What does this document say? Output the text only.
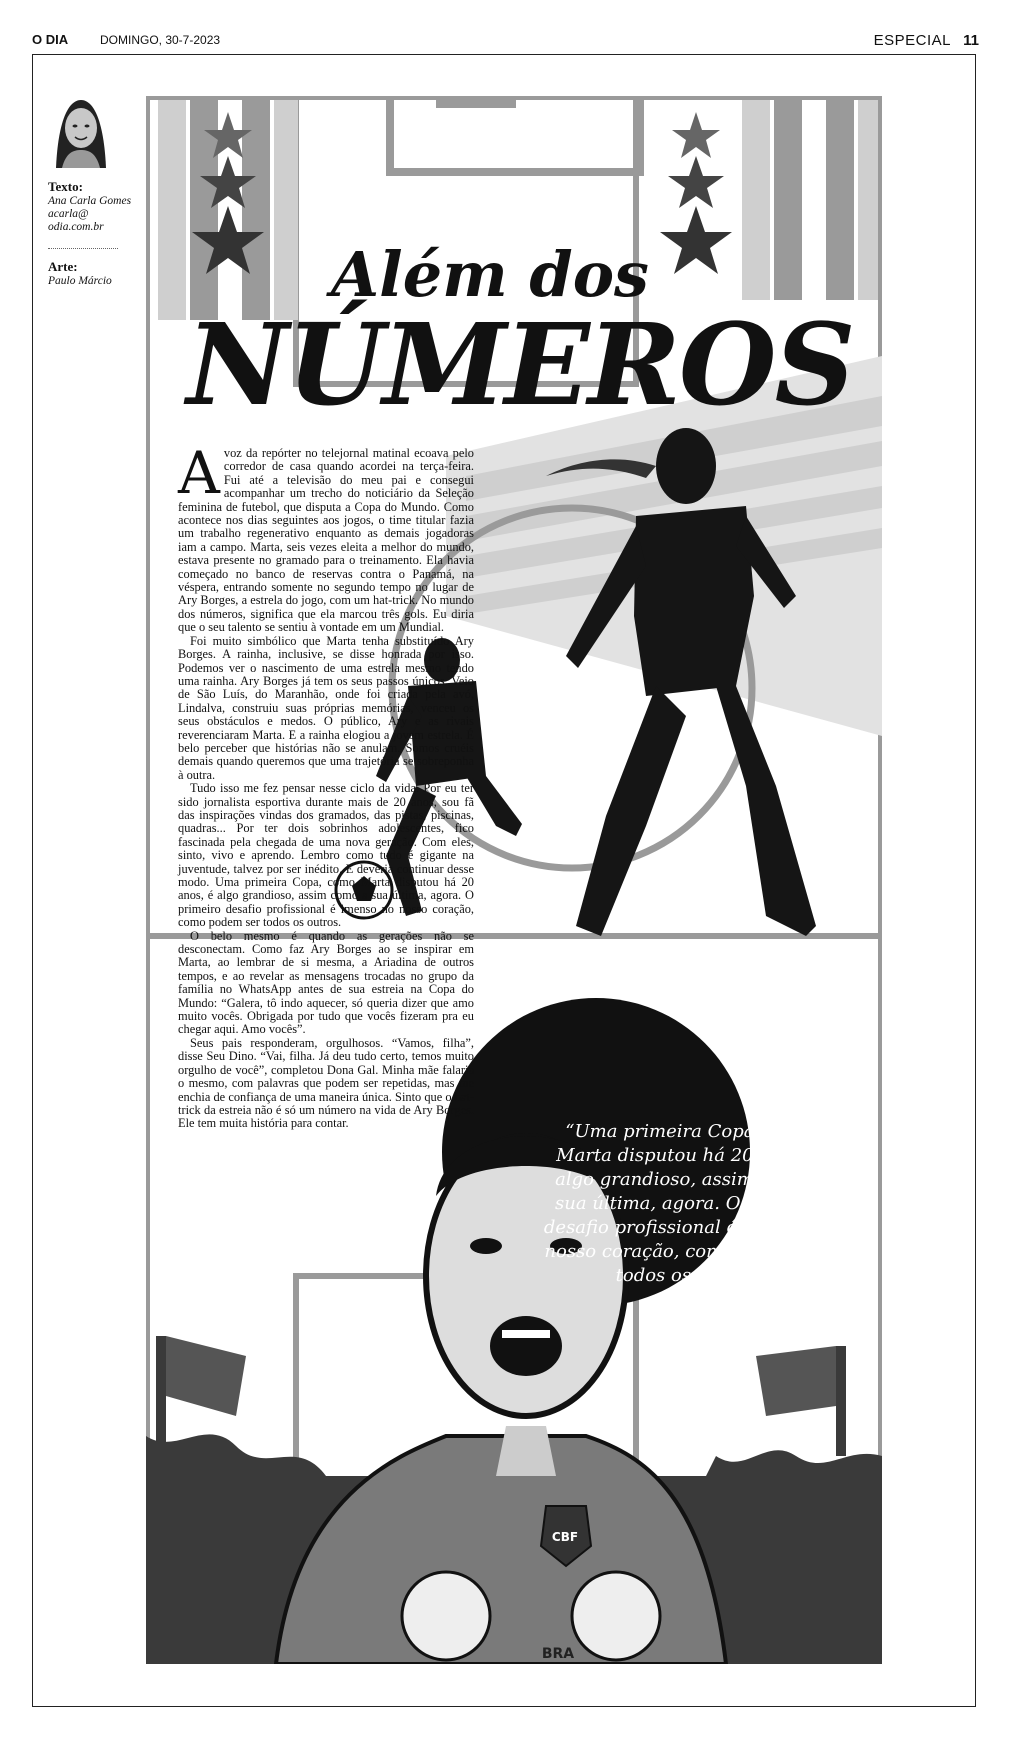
O DIA	DOMINGO, 30-7-2023	ESPECIAL 11
CBF
BRA
Texto:
Ana Carla Gomes
acarla@ odia.com.br
Arte:
Paulo Márcio	Além dos
NÚMEROS

Avoz da repórter no telejornal matinal ecoava pelo corredor de casa quando acordei na terça-feira. Fui até a televisão do meu pai e consegui acompanhar um trecho do noticiário da Seleção feminina de futebol, que disputa a Copa do Mundo. Como acontece nos dias seguintes aos jogos, o time titular fazia um trabalho regenerativo enquanto as demais jogadoras iam a campo. Marta, seis vezes eleita a melhor do mundo, estava presente no gramado para o treinamento. Ela havia começado no banco de reservas contra o Panamá, na véspera, entrando somente no segundo tempo no lugar de Ary Borges, a estrela do jogo, com um hat-trick. No mundo dos números, significa que ela marcou três gols. Eu diria que o seu talento se sentiu à vontade em um Mundial.

Foi muito simbólico que Marta tenha substituído Ary Borges. A rainha, inclusive, se disse honrada por isso. Podemos ver o nascimento de uma estrela mesmo tendo uma rainha. Ary Borges já tem os seus passos únicos. Veio de São Luís, do Maranhão, onde foi criada pela avó, Lindalva, construiu suas próprias memórias, venceu os seus obstáculos e medos. O público, Ary e as rivais reverenciaram Marta. E a rainha elogiou a jovem estrela. É belo perceber que histórias não se anulam. Somos cruéis demais quando queremos que uma trajetória se sobreponha à outra.

Tudo isso me fez pensar nesse ciclo da vida. Por eu ter sido jornalista esportiva durante mais de 20 anos, sou fã das inspirações vindas dos gramados, das pistas, piscinas, quadras... Por ter dois sobrinhos adolescentes, fico fascinada pela chegada de uma nova geração. Com eles, sinto, vivo e aprendo. Lembro como tudo é gigante na juventude, talvez por ser inédito. E deveria continuar desse modo. Uma primeira Copa, como Marta disputou há 20 anos, é algo grandioso, assim como a sua última, agora. O primeiro desafio profissional é imenso no nosso coração, como podem ser todos os outros.

O belo mesmo é quando as gerações não se desconectam. Como faz Ary Borges ao se inspirar em Marta, ao lembrar de si mesma, a Ariadina de outros tempos, e ao revelar as mensagens trocadas no grupo da família no WhatsApp antes de sua estreia na Copa do Mundo: “Galera, tô indo aquecer, só queria dizer que amo muito vocês. Obrigada por tudo que vocês fizeram pra eu chegar aqui. Amo vocês”.

Seus pais responderam, orgulhosos. “Vamos, filha”, disse Seu Dino. “Vai, filha. Já deu tudo certo, temos muito orgulho de você”, completou Dona Gal. Minha mãe falaria o mesmo, com palavras que podem ser repetidas, mas me enchia de confiança de uma maneira única. Sinto que o hat-trick da estreia não é só um número na vida de Ary Borges. Ele tem muita história para contar.	“Uma primeira Copa, como Marta disputou há 20 anos, é algo grandioso, assim como a sua última, agora. O primeiro desafio profissional é imenso no nosso coração, como podem ser todos os outros”
